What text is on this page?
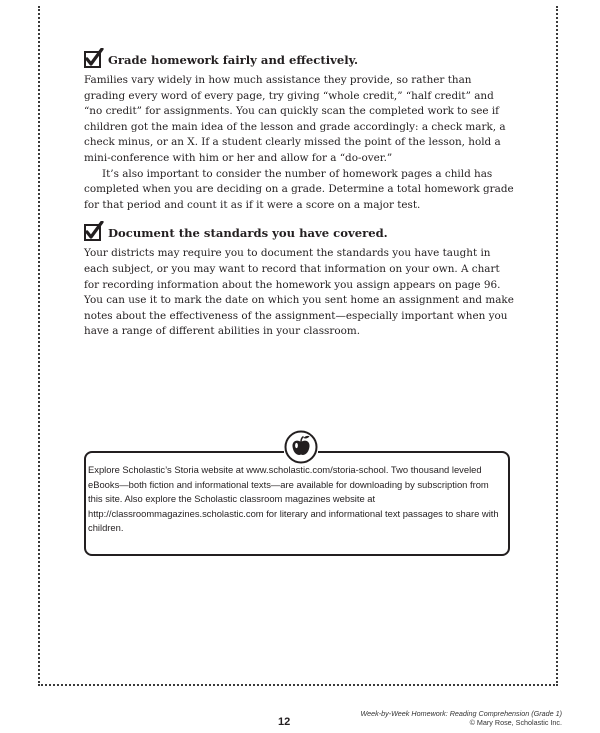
Grade homework fairly and effectively.

Families vary widely in how much assistance they provide, so rather than grading every word of every page, try giving “whole credit,” “half credit” and “no credit” for assignments. You can quickly scan the completed work to see if children got the main idea of the lesson and grade accordingly: a check mark, a check minus, or an X. If a student clearly missed the point of the lesson, hold a mini-conference with him or her and allow for a “do-over.”

It’s also important to consider the number of homework pages a child has completed when you are deciding on a grade. Determine a total homework grade for that period and count it as if it were a score on a major test.

Document the standards you have covered.

Your districts may require you to document the standards you have taught in each subject, or you may want to record that information on your own. A chart for recording information about the homework you assign appears on page 96. You can use it to mark the date on which you sent home an assignment and make notes about the effectiveness of the assignment—especially important when you have a range of different abilities in your classroom.

Explore Scholastic’s Storia website at www.scholastic.com/storia-school. Two thousand leveled eBooks—both fiction and informational texts—are available for downloading by subscription from this site. Also explore the Scholastic classroom magazines website at http://classroommagazines.scholastic.com for literary and informational text passages to share with children.
12
Week-by-Week Homework: Reading Comprehension (Grade 1)
© Mary Rose, Scholastic Inc.
